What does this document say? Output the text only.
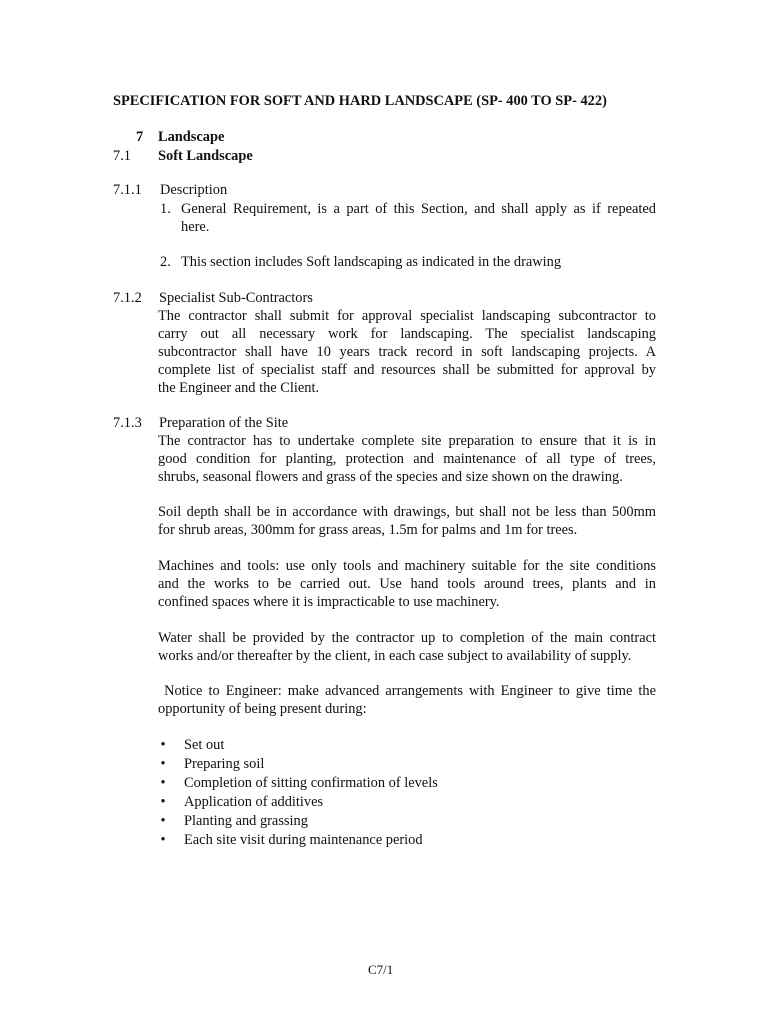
SPECIFICATION FOR SOFT AND HARD LANDSCAPE (SP- 400 TO SP- 422)
7 Landscape
7.1 Soft Landscape
7.1.1 Description
1. General Requirement, is a part of this Section, and shall apply as if repeated
here.
2. This section includes Soft landscaping as indicated in the drawing
7.1.2 Specialist Sub-Contractors
The contractor shall submit for approval specialist landscaping subcontractor to
carry out all necessary work for landscaping. The specialist landscaping
subcontractor shall have 10 years track record in soft landscaping projects. A
complete list of specialist staff and resources shall be submitted for approval by
the Engineer and the Client.
7.1.3 Preparation of the Site
The contractor has to undertake complete site preparation to ensure that it is in
good condition for planting, protection and maintenance of all type of trees,
shrubs, seasonal flowers and grass of the species and size shown on the drawing.
Soil depth shall be in accordance with drawings, but shall not be less than 500mm
for shrub areas, 300mm for grass areas, 1.5m for palms and 1m for trees.
Machines and tools: use only tools and machinery suitable for the site conditions
and the works to be carried out. Use hand tools around trees, plants and in
confined spaces where it is impracticable to use machinery.
Water shall be provided by the contractor up to completion of the main contract
works and/or thereafter by the client, in each case subject to availability of supply.
Notice to Engineer: make advanced arrangements with Engineer to give time the
opportunity of being present during:
• Set out
• Preparing soil
• Completion of sitting confirmation of levels
• Application of additives
• Planting and grassing
• Each site visit during maintenance period
C7/1
